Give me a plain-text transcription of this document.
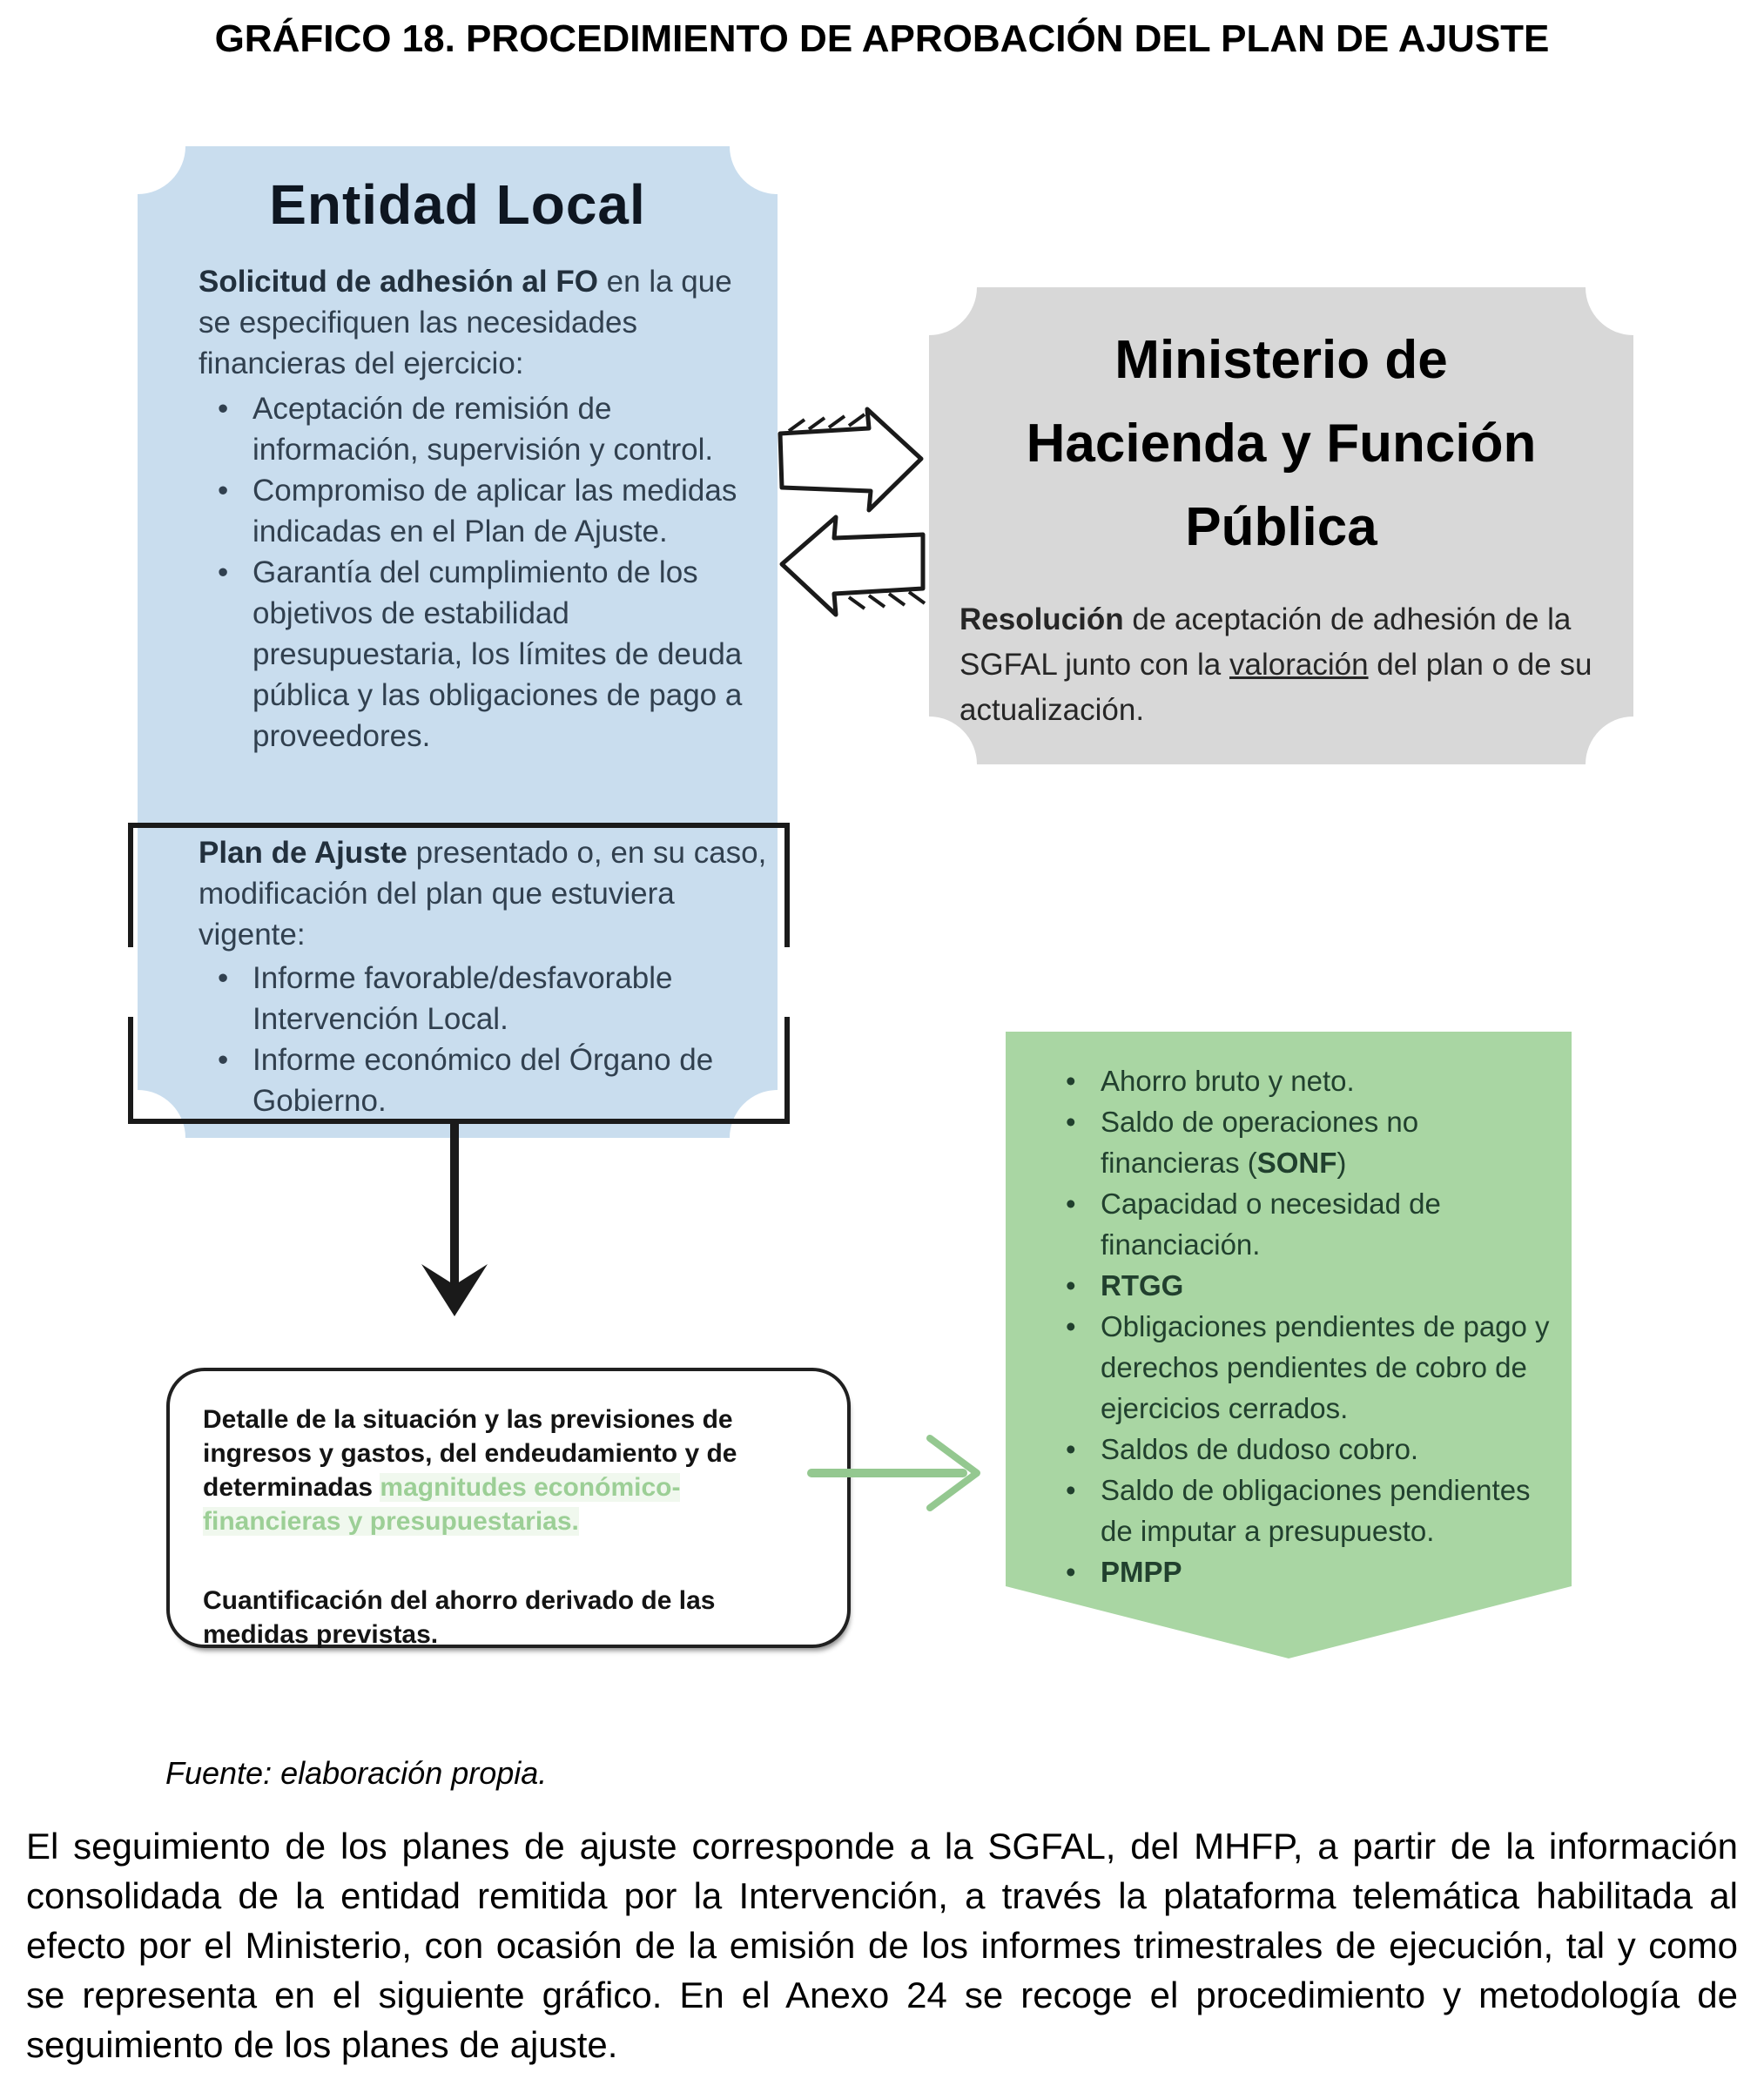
GRÁFICO 18. PROCEDIMIENTO DE APROBACIÓN DEL PLAN DE AJUSTE
Entidad Local

Solicitud de adhesión al FO en la que se especifiquen las necesidades financieras del ejercicio:

• Aceptación de remisión de información, supervisión y control.
• Compromiso de aplicar las medidas indicadas en el Plan de Ajuste.
• Garantía del cumplimiento de los objetivos de estabilidad presupuestaria, los límites de deuda pública y las obligaciones de pago a proveedores.

Plan de Ajuste presentado o, en su caso, modificación del plan que estuviera vigente:

• Informe favorable/desfavorable Intervención Local.
• Informe económico del Órgano de Gobierno.
Ministerio de
Hacienda y Función
Pública

Resolución de aceptación de adhesión de la SGFAL junto con la valoración del plan o de su actualización.

Detalle de la situación y las previsiones de ingresos y gastos, del endeudamiento y de determinadas magnitudes económico-financieras y presupuestarias.

Cuantificación del ahorro derivado de las medidas previstas.

• Ahorro bruto y neto.
• Saldo de operaciones no financieras (SONF)
• Capacidad o necesidad de financiación.
• RTGG
• Obligaciones pendientes de pago y derechos pendientes de cobro de ejercicios cerrados.
• Saldos de dudoso cobro.
• Saldo de obligaciones pendientes de imputar a presupuesto.
• PMPP

Fuente: elaboración propia.

El seguimiento de los planes de ajuste corresponde a la SGFAL, del MHFP, a partir de la información consolidada de la entidad remitida por la Intervención, a través la plataforma telemática habilitada al efecto por el Ministerio, con ocasión de la emisión de los informes trimestrales de ejecución, tal y como se representa en el siguiente gráfico. En el Anexo 24 se recoge el procedimiento y metodología de seguimiento de los planes de ajuste.
